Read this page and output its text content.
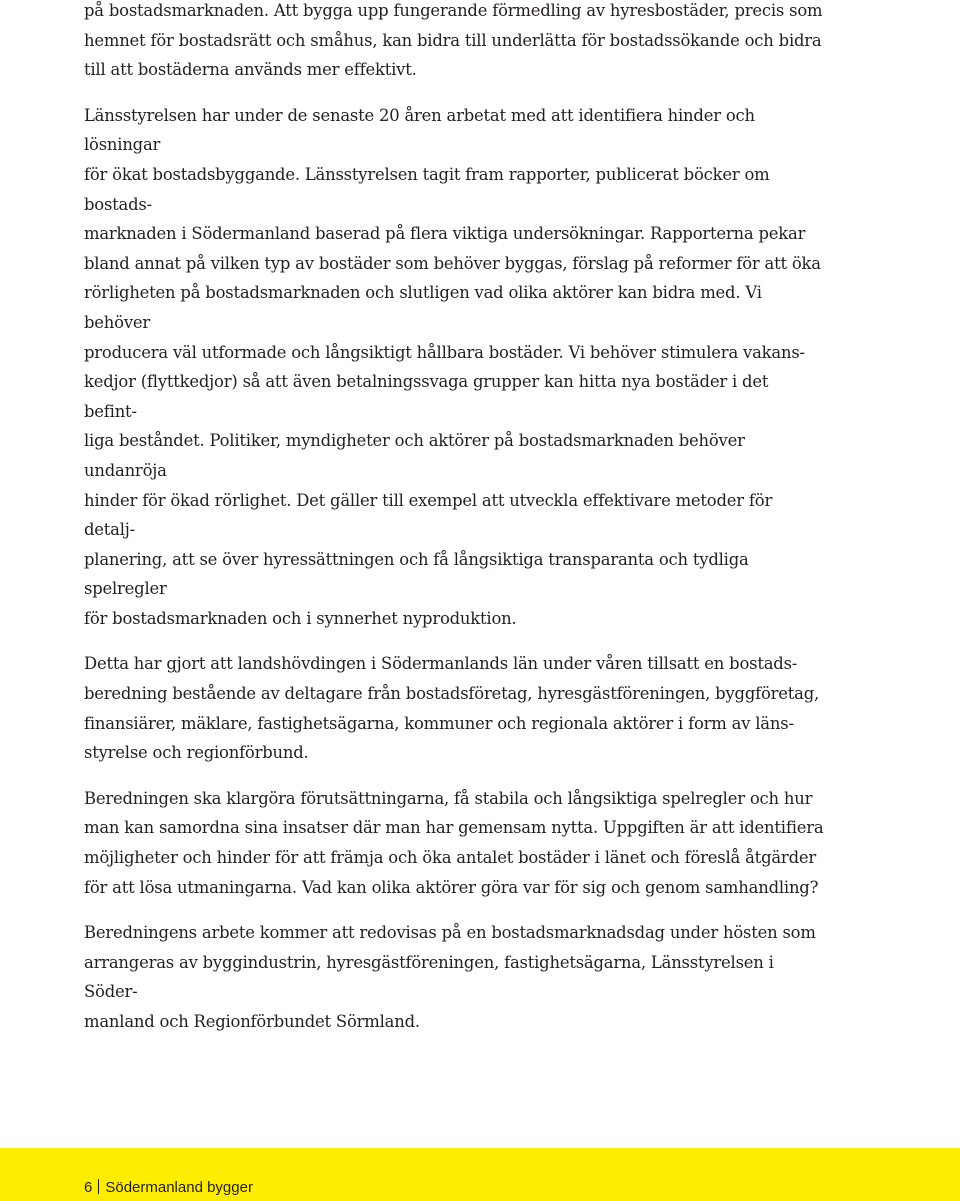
på bostadsmarknaden. Att bygga upp fungerande förmedling av hyresbostäder, precis som
hemnet för bostadsrätt och småhus, kan bidra till underlätta för bostadssökande och bidra
till att bostäderna används mer effektivt.

Länsstyrelsen har under de senaste 20 åren arbetat med att identifiera hinder och lösningar
för ökat bostadsbyggande. Länsstyrelsen tagit fram rapporter, publicerat böcker om bostads-
marknaden i Södermanland baserad på flera viktiga undersökningar. Rapporterna pekar
bland annat på vilken typ av bostäder som behöver byggas, förslag på reformer för att öka
rörligheten på bostadsmarknaden och slutligen vad olika aktörer kan bidra med. Vi behöver
producera väl utformade och långsiktigt hållbara bostäder. Vi behöver stimulera vakans-
kedjor (flyttkedjor) så att även betalningssvaga grupper kan hitta nya bostäder i det befint-
liga beståndet. Politiker, myndigheter och aktörer på bostadsmarknaden behöver undanröja
hinder för ökad rörlighet. Det gäller till exempel att utveckla effektivare metoder för detalj-
planering, att se över hyressättningen och få långsiktiga transparanta och tydliga spelregler
för bostadsmarknaden och i synnerhet nyproduktion.

Detta har gjort att landshövdingen i Södermanlands län under våren tillsatt en bostads-
beredning bestående av deltagare från bostadsföretag, hyresgästföreningen, byggföretag,
finansiärer, mäklare, fastighetsägarna, kommuner och regionala aktörer i form av läns-
styrelse och regionförbund.

Beredningen ska klargöra förutsättningarna, få stabila och långsiktiga spelregler och hur
man kan samordna sina insatser där man har gemensam nytta. Uppgiften är att identifiera
möjligheter och hinder för att främja och öka antalet bostäder i länet och föreslå åtgärder
för att lösa utmaningarna. Vad kan olika aktörer göra var för sig och genom samhandling?

Beredningens arbete kommer att redovisas på en bostadsmarknadsdag under hösten som
arrangeras av byggindustrin, hyresgästföreningen, fastighetsägarna, Länsstyrelsen i Söder-
manland och Regionförbundet Sörmland.

6 Södermanland bygger
